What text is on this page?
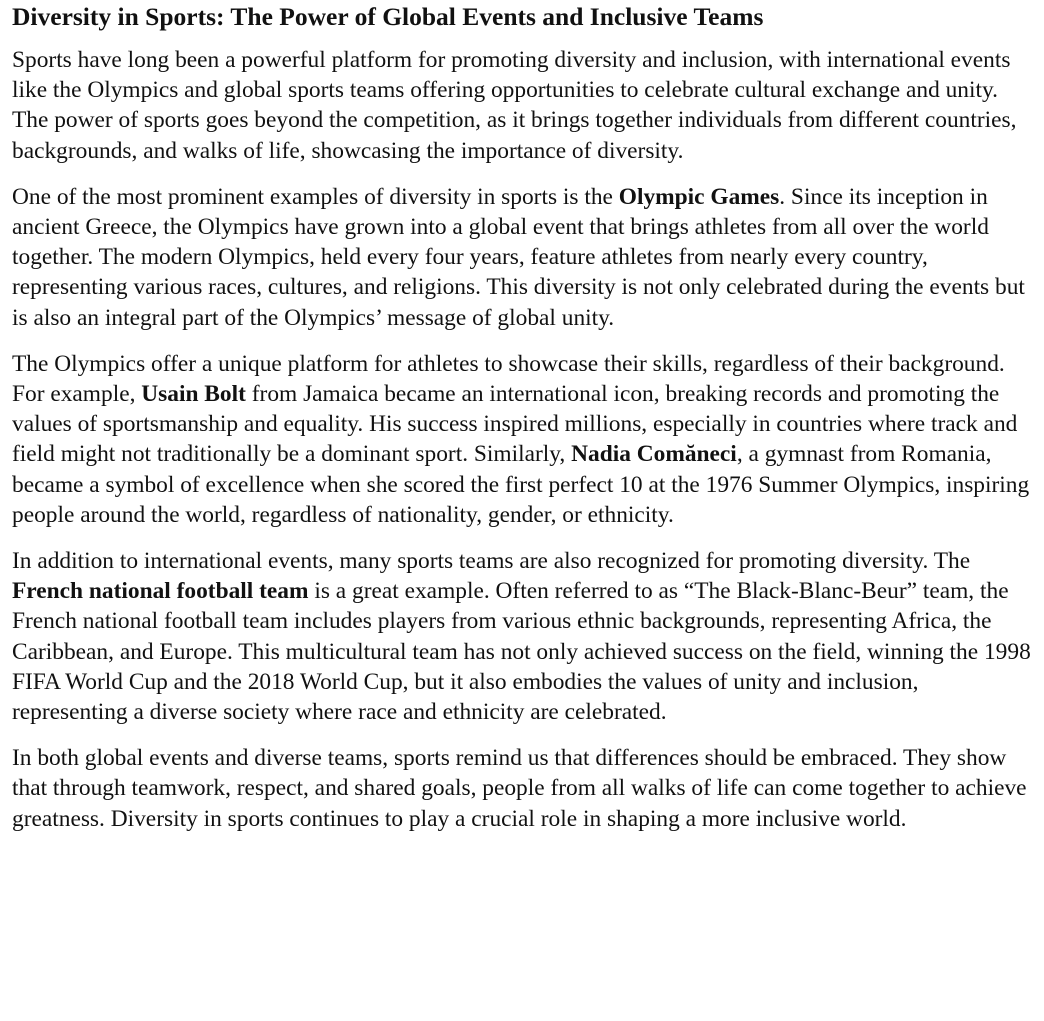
Diversity in Sports: The Power of Global Events and Inclusive Teams

Sports have long been a powerful platform for promoting diversity and inclusion, with international events like the Olympics and global sports teams offering opportunities to celebrate cultural exchange and unity. The power of sports goes beyond the competition, as it brings together individuals from different countries, backgrounds, and walks of life, showcasing the importance of diversity.

One of the most prominent examples of diversity in sports is the Olympic Games. Since its inception in ancient Greece, the Olympics have grown into a global event that brings athletes from all over the world together. The modern Olympics, held every four years, feature athletes from nearly every country, representing various races, cultures, and religions. This diversity is not only celebrated during the events but is also an integral part of the Olympics’ message of global unity.

The Olympics offer a unique platform for athletes to showcase their skills, regardless of their background. For example, Usain Bolt from Jamaica became an international icon, breaking records and promoting the values of sportsmanship and equality. His success inspired millions, especially in countries where track and field might not traditionally be a dominant sport. Similarly, Nadia Comăneci, a gymnast from Romania, became a symbol of excellence when she scored the first perfect 10 at the 1976 Summer Olympics, inspiring people around the world, regardless of nationality, gender, or ethnicity.

In addition to international events, many sports teams are also recognized for promoting diversity. The French national football team is a great example. Often referred to as “The Black-Blanc-Beur” team, the French national football team includes players from various ethnic backgrounds, representing Africa, the Caribbean, and Europe. This multicultural team has not only achieved success on the field, winning the 1998 FIFA World Cup and the 2018 World Cup, but it also embodies the values of unity and inclusion, representing a diverse society where race and ethnicity are celebrated.

In both global events and diverse teams, sports remind us that differences should be embraced. They show that through teamwork, respect, and shared goals, people from all walks of life can come together to achieve greatness. Diversity in sports continues to play a crucial role in shaping a more inclusive world.
